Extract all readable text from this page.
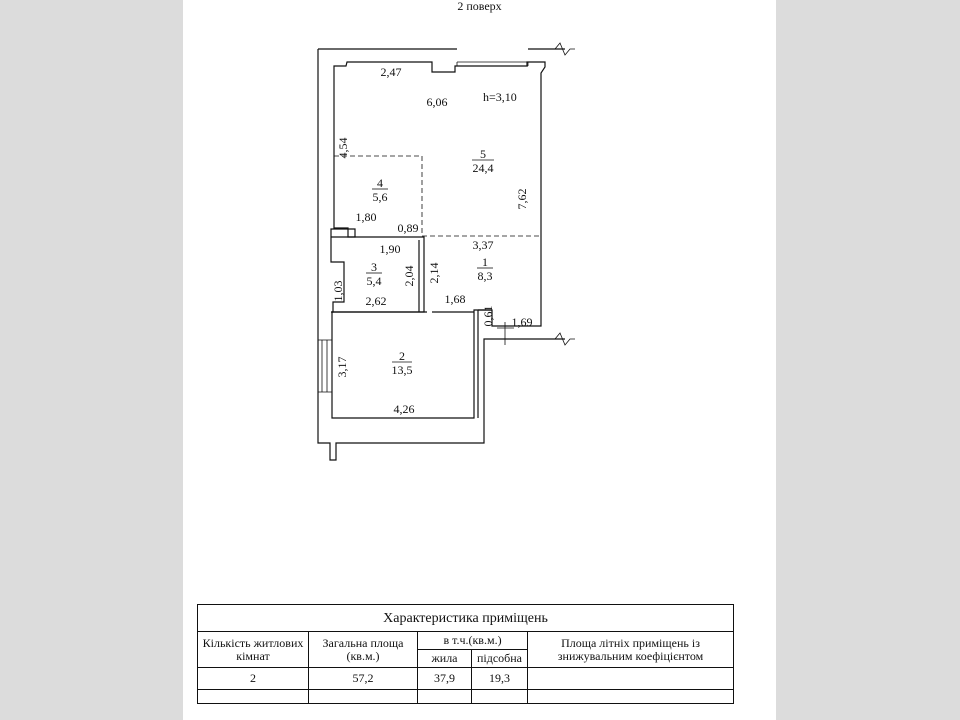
2 поверх
h=3,10
5
24,4
4
5,6
3
5,4
1
8,3
2
13,5
2,47
6,06
4,54
1,80
0,89
7,62
3,37
1,90
2,04 2,14
1,03 2,62	1,68
0,61 1,69
3,17
4,26
Характеристика приміщень				
Кількість житлових кімнат	Загальна площа (кв.м.)	в т.ч.(кв.м.)		Площа літніх приміщень із знижувальним коефіцієнтом
		жила	підсобна	
2	57,2	37,9	19,3	
